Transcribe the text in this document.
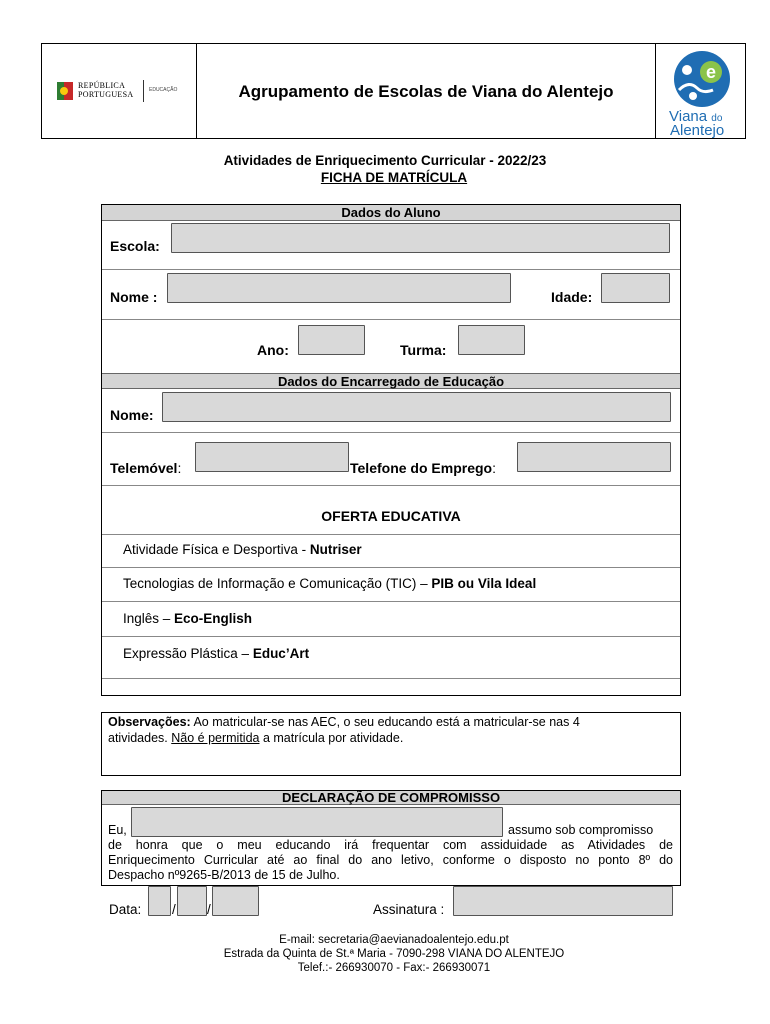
REPÚBLICA
PORTUGUESA	EDUCAÇÃO	Agrupamento de Escolas de Viana do Alentejo
e
Viana do
Alentejo
Atividades de Enriquecimento Curricular - 2022/23
FICHA DE MATRÍCULA
Dados do Aluno
Escola:
Nome :	Idade:
Ano:	Turma:
Dados do Encarregado de Educação
Nome:
Telemóvel:	Telefone do Emprego:
OFERTA EDUCATIVA
Atividade Física e Desportiva - Nutriser
Tecnologias de Informação e Comunicação (TIC) – PIB ou Vila Ideal
Inglês – Eco-English
Expressão Plástica – Educ’Art
Observações: Ao matricular-se nas AEC, o seu educando está a matricular-se nas 4
atividades. Não é permitida a matrícula por atividade.
DECLARAÇÃO DE COMPROMISSO
Eu,	assumo sob compromisso
de honra que o meu educando irá frequentar com assiduidade as Atividades de
Enriquecimento Curricular até ao final do ano letivo, conforme o disposto no ponto 8º do
Despacho nº9265-B/2013 de 15 de Julho.
Data: / /	Assinatura :
E-mail: secretaria@aevianadoalentejo.edu.pt
Estrada da Quinta de St.ª Maria - 7090-298 VIANA DO ALENTEJO
Telef.:- 266930070 - Fax:- 266930071
